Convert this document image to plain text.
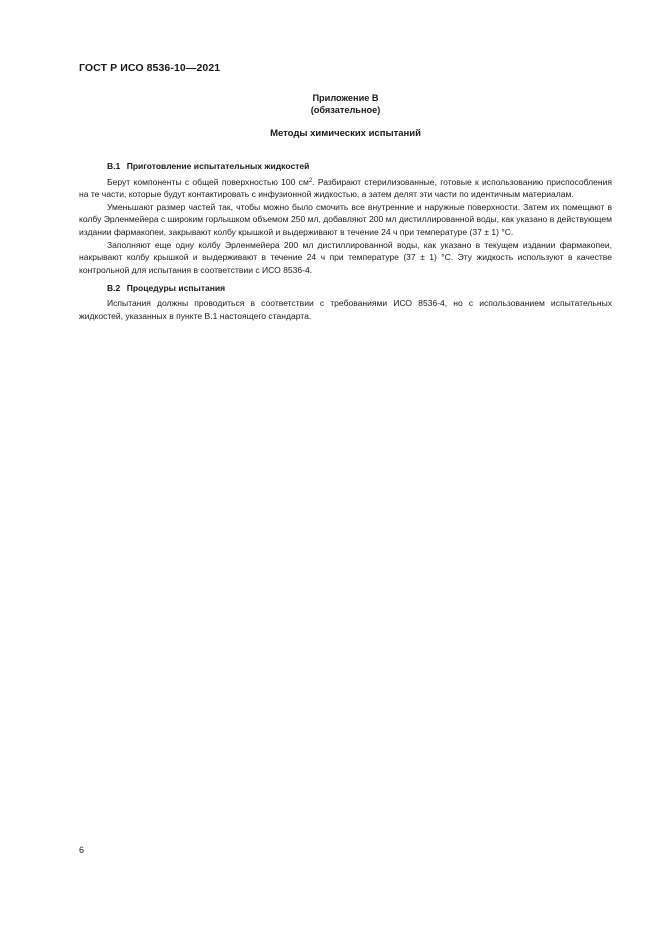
ГОСТ Р ИСО 8536-10—2021
Приложение В
(обязательное)
Методы химических испытаний
В.1 Приготовление испытательных жидкостей

Берут компоненты с общей поверхностью 100 $см^2$. Разбирают стерилизованные, готовые к использованию приспособления на те части, которые будут контактировать с инфузионной жидкостью, а затем делят эти части по идентичным материалам.

Уменьшают размер частей так, чтобы можно было смочить все внутренние и наружные поверхности. Затем их помещают в колбу Эрленмейера с широким горлышком объемом 250 мл, добавляют 200 мл дистиллированной воды, как указано в действующем издании фармакопеи, закрывают колбу крышкой и выдерживают в течение 24 ч при температуре (37 ± 1) °С.

Заполняют еще одну колбу Эрленмейера 200 мл дистиллированной воды, как указано в текущем издании фармакопеи, накрывают колбу крышкой и выдерживают в течение 24 ч при температуре (37 ± 1) °С. Эту жидкость используют в качестве контрольной для испытания в соответствии с ИСО 8536-4.

В.2 Процедуры испытания

Испытания должны проводиться в соответствии с требованиями ИСО 8536-4, но с использованием испытательных жидкостей, указанных в пункте В.1 настоящего стандарта.

6
